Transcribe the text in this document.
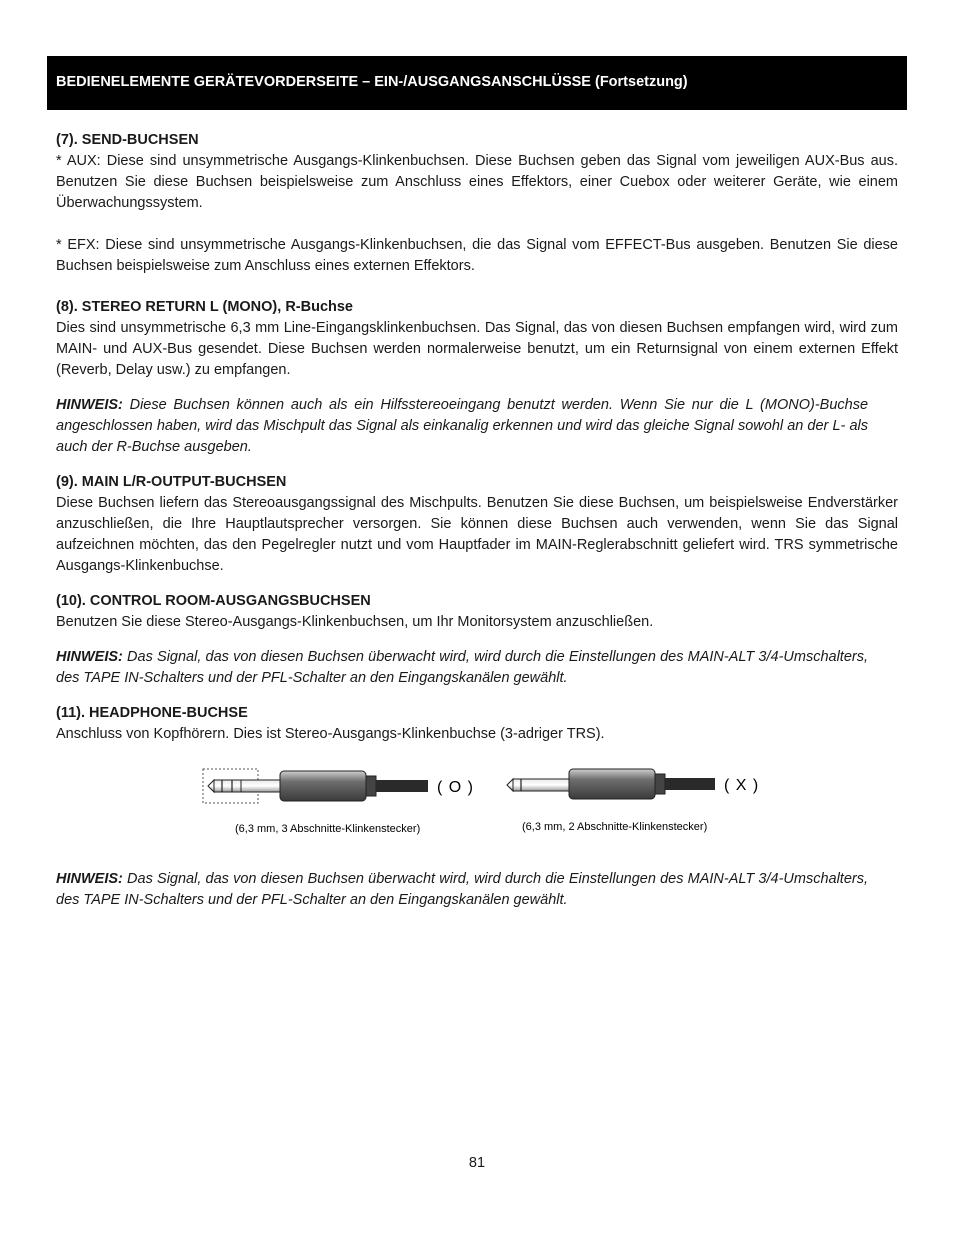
BEDIENELEMENTE GERÄTEVORDERSEITE – EIN-/AUSGANGSANSCHLÜSSE (Fortsetzung)
(7). SEND-BUCHSEN

* AUX: Diese sind unsymmetrische Ausgangs-Klinkenbuchsen. Diese Buchsen geben das Signal vom jeweiligen AUX-Bus aus. Benutzen Sie diese Buchsen beispielsweise zum Anschluss eines Effektors, einer Cuebox oder weiterer Geräte, wie einem Überwachungssystem.

* EFX: Diese sind unsymmetrische Ausgangs-Klinkenbuchsen, die das Signal vom EFFECT-Bus ausgeben. Benutzen Sie diese Buchsen beispielsweise zum Anschluss eines externen Effektors.

(8). STEREO RETURN L (MONO), R-Buchse

Dies sind unsymmetrische 6,3 mm Line-Eingangsklinkenbuchsen. Das Signal, das von diesen Buchsen empfangen wird, wird zum MAIN- und AUX-Bus gesendet. Diese Buchsen werden normalerweise benutzt, um ein Returnsignal von einem externen Effekt (Reverb, Delay usw.) zu empfangen.

HINWEIS: Diese Buchsen können auch als ein Hilfsstereoeingang benutzt werden. Wenn Sie nur die L (MONO)-Buchse angeschlossen haben, wird das Mischpult das Signal als einkanalig erkennen und wird das gleiche Signal sowohl an der L- als auch der R-Buchse ausgeben.

(9). MAIN L/R-OUTPUT-BUCHSEN

Diese Buchsen liefern das Stereoausgangssignal des Mischpults. Benutzen Sie diese Buchsen, um beispielsweise Endverstärker anzuschließen, die Ihre Hauptlautsprecher versorgen. Sie können diese Buchsen auch verwenden, wenn Sie das Signal aufzeichnen möchten, das den Pegelregler nutzt und vom Hauptfader im MAIN-Reglerabschnitt geliefert wird. TRS symmetrische Ausgangs-Klinkenbuchse.

(10). CONTROL ROOM-AUSGANGSBUCHSEN

Benutzen Sie diese Stereo-Ausgangs-Klinkenbuchsen, um Ihr Monitorsystem anzuschließen.

HINWEIS: Das Signal, das von diesen Buchsen überwacht wird, wird durch die Einstellungen des MAIN-ALT 3/4-Umschalters, des TAPE IN-Schalters und der PFL-Schalter an den Eingangskanälen gewählt.

(11). HEADPHONE-BUCHSE

Anschluss von Kopfhörern. Dies ist Stereo-Ausgangs-Klinkenbuchse (3-adriger TRS).

( O )	( X )
(6,3 mm, 3 Abschnitte-Klinkenstecker)	(6,3 mm, 2 Abschnitte-Klinkenstecker)

HINWEIS: Das Signal, das von diesen Buchsen überwacht wird, wird durch die Einstellungen des MAIN-ALT 3/4-Umschalters, des TAPE IN-Schalters und der PFL-Schalter an den Eingangskanälen gewählt.

81
